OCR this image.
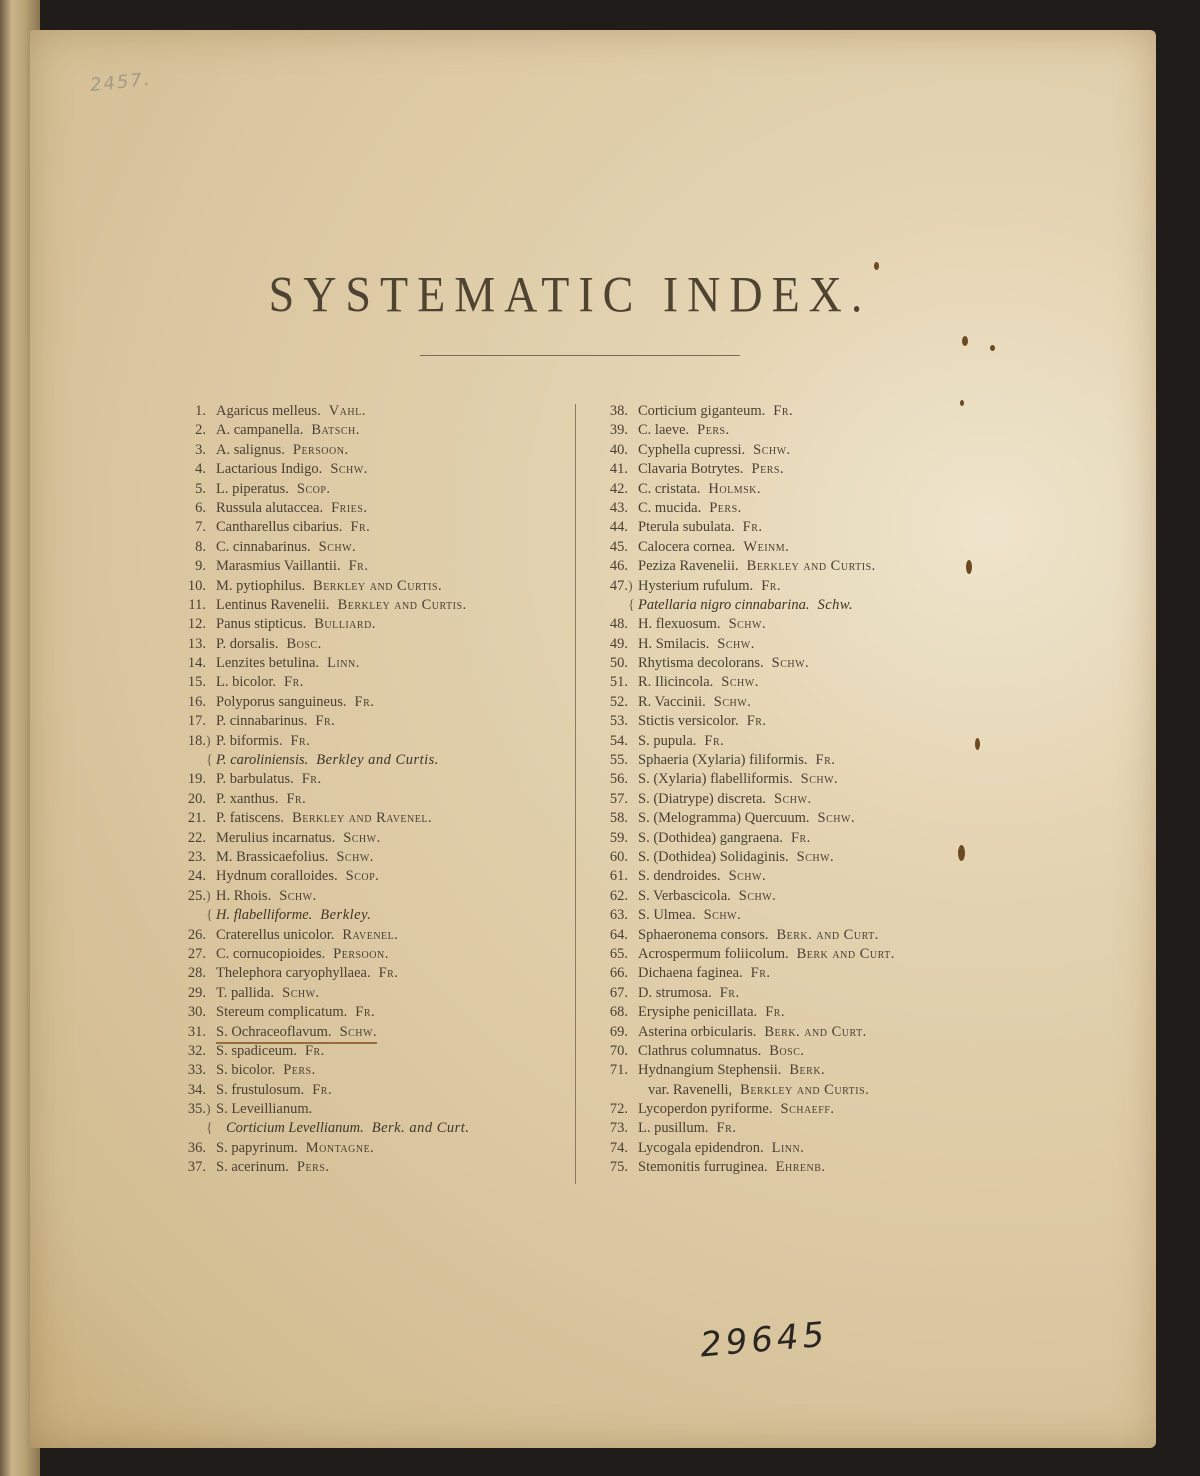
2457.
SYSTEMATIC INDEX.
1. Agaricus melleus. Vahl.
2. A. campanella. Batsch.
3. A. salignus. Persoon.
4. Lactarious Indigo. Schw.
5. L. piperatus. Scop.
6. Russula alutaccea. Fries.
7. Cantharellus cibarius. Fr.
8. C. cinnabarinus. Schw.
9. Marasmius Vaillantii. Fr.
10. M. pytiophilus. Berkley and Curtis.
11. Lentinus Ravenelii. Berkley and Curtis.
12. Panus stipticus. Bulliard.
13. P. dorsalis. Bosc.
14. Lenzites betulina. Linn.
15. L. bicolor. Fr.
16. Polyporus sanguineus. Fr.
17. P. cinnabarinus. Fr.
18. ) P. biformis. Fr.
{ P. caroliniensis. Berkley and Curtis.
19. P. barbulatus. Fr.
20. P. xanthus. Fr.
21. P. fatiscens. Berkley and Ravenel.
22. Merulius incarnatus. Schw.
23. M. Brassicaefolius. Schw.
24. Hydnum coralloides. Scop.
25. ) H. Rhois. Schw.
{ H. flabelliforme. Berkley.
26. Craterellus unicolor. Ravenel.
27. C. cornucopioides. Persoon.
28. Thelephora caryophyllaea. Fr.
29. T. pallida. Schw.
30. Stereum complicatum. Fr.
31. S. Ochraceoflavum. Schw.
32. S. spadiceum. Fr.
33. S. bicolor. Pers.
34. S. frustulosum. Fr.
35. ) S. Leveillianum.
{ Corticium Levellianum. Berk. and Curt.
36. S. papyrinum. Montagne.
37. S. acerinum. Pers.
38. Corticium giganteum. Fr.
39. C. laeve. Pers.
40. Cyphella cupressi. Schw.
41. Clavaria Botrytes. Pers.
42. C. cristata. Holmsk.
43. C. mucida. Pers.
44. Pterula subulata. Fr.
45. Calocera cornea. Weinm.
46. Peziza Ravenelii. Berkley and Curtis.
47. ) Hysterium rufulum. Fr.
{ Patellaria nigro cinnabarina. Schw.
48. H. flexuosum. Schw.
49. H. Smilacis. Schw.
50. Rhytisma decolorans. Schw.
51. R. Ilicincola. Schw.
52. R. Vaccinii. Schw.
53. Stictis versicolor. Fr.
54. S. pupula. Fr.
55. Sphaeria (Xylaria) filiformis. Fr.
56. S. (Xylaria) flabelliformis. Schw.
57. S. (Diatrype) discreta. Schw.
58. S. (Melogramma) Quercuum. Schw.
59. S. (Dothidea) gangraena. Fr.
60. S. (Dothidea) Solidaginis. Schw.
61. S. dendroides. Schw.
62. S. Verbascicola. Schw.
63. S. Ulmea. Schw.
64. Sphaeronema consors. Berk. and Curt.
65. Acrospermum foliicolum. Berk and Curt.
66. Dichaena faginea. Fr.
67. D. strumosa. Fr.
68. Erysiphe penicillata. Fr.
69. Asterina orbicularis. Berk. and Curt.
70. Clathrus columnatus. Bosc.
71. Hydnangium Stephensii. Berk.
var. Ravenelli, Berkley and Curtis.
72. Lycoperdon pyriforme. Schaeff.
73. L. pusillum. Fr.
74. Lycogala epidendron. Linn.
75. Stemonitis furruginea. Ehrenb.
29645
